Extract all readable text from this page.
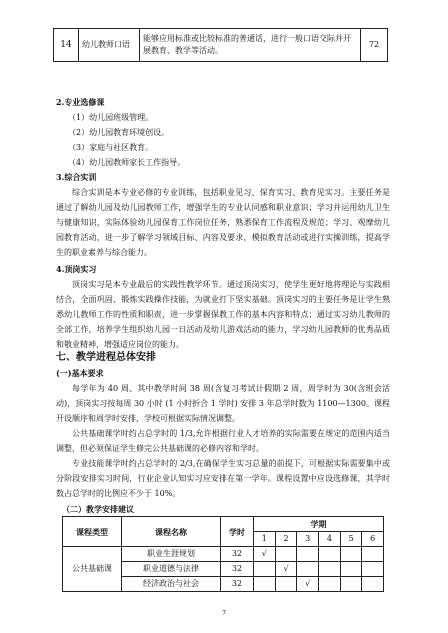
14	幼儿教师口语	能够应用标准或比较标准的普通话，进行一般口语交际并开展教育、教学等活动。	72

2.专业选修课

（1）幼儿园班级管理。

（2）幼儿园教育环境创设。

（3）家庭与社区教育。

（4）幼儿园教师家长工作指导。

3.综合实训

综合实训是本专业必修的专业训练，包括职业见习、保育实习、教育见实习。主要任务是通过了解幼儿园及幼儿园教师工作，增强学生的专业认同感和职业意识；学习并运用幼儿卫生与健康知识，实际体验幼儿园保育工作岗位任务，熟悉保育工作流程及规范；学习、观摩幼儿园教育活动，进一步了解学习领域目标、内容及要求，模拟教育活动或进行实操训练，提高学生的职业素养与综合能力。

4.顶岗实习

顶岗实习是本专业最后的实践性教学环节。通过顶岗实习，使学生更好地将理论与实践相结合，全面巩固、锻炼实践操作技能，为就业打下坚实基础。顶岗实习的主要任务是让学生熟悉幼儿教师工作的性质和职责，进一步掌握保教工作的基本内容和特点；通过实习幼儿教师的全部工作，培养学生组织幼儿园一日活动及幼儿游戏活动的能力，学习幼儿园教师的优秀品质和敬业精神，增强适应岗位的能力。

七、教学进程总体安排

(一)基本要求

每学年为 40 周、其中教学时间 38 周(含复习考试计假期 2 周，周学时为 30(含班会活动)，顶岗实习按每周 30 小时 (1 小时折合 1 学时) 安排 3 年总学时数为 1100—1300。课程开设顺序和周学时安排，学校可根据实际情况调整。

公共基础课学时约占总学时的 1/3,允许根据行业人才培养的实际需要在规定的范围内适当调整，但必须保证学生修完公共基础课的必修内容和学时。

专业技能课学时约占总学时的 2/3,在确保学生实习总量的前提下，可根据实际需要集中或分阶段安排实习时间，行业企业认知实习应安排在第一学年。课程设置中应设选修课，其学时数占总学时的比例应不少于 10%。

（二）教学安排建议
课程类型	课程名称	学时	学期					
			1	2	3	4	5	6
公共基础课	职业生涯规划	32	√					
	职业道德与法律	32		√				
	经济政治与社会	32			√			
7
